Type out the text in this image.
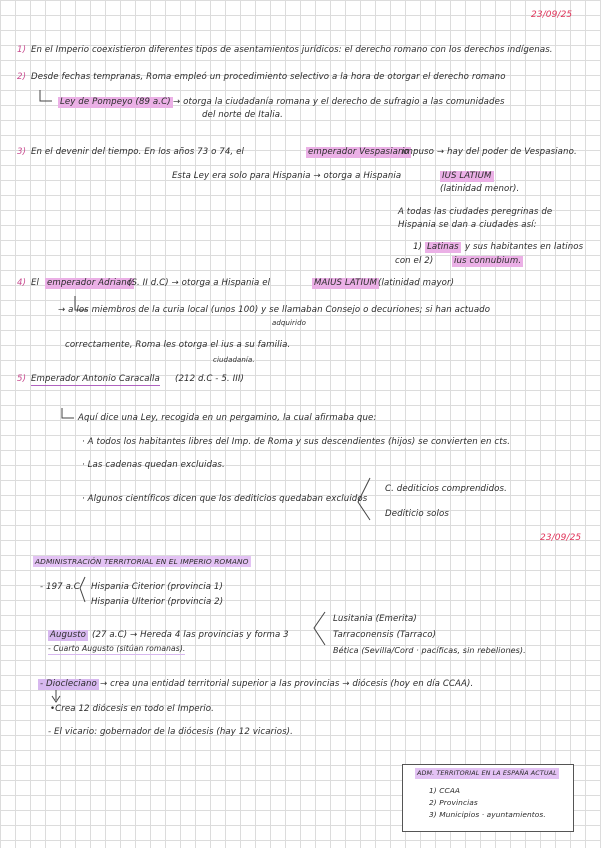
23/09/25
1) En el Imperio coexistieron diferentes tipos de asentamientos jurídicos: el derecho romano con los derechos indígenas.
2) Desde fechas tempranas, Roma empleó un procedimiento selectivo a la hora de otorgar el derecho romano
Ley de Pompeyo (89 a.C) → otorga la ciudadanía romana y el derecho de sufragio a las comunidades
del norte de Italia.
3) En el devenir del tiempo. En los años 73 o 74, el	emperador Vespasiano
impuso → hay del poder de Vespasiano.
Esta Ley era solo para Hispania → otorga a Hispania	IUS LATIUM
(latinidad menor).
A todas las ciudades peregrinas de
Hispania se dan a ciudades así:
1) Latinas y sus habitantes en latinos
con el 2) ius connubium.
4) El emperador Adriano
(S. II d.C) → otorga a Hispania el	MAIUS LATIUM (latinidad mayor)
→ a los miembros de la curia local (unos 100) y se llamaban Consejo o decuriones; si han actuado
adquirido
correctamente, Roma les otorga el ius a su familia.
ciudadanía.
5) Emperador Antonio Caracalla (212 d.C - 5. III)
Aquí dice una Ley, recogida en un pergamino, la cual afirmaba que:
· A todos los habitantes libres del Imp. de Roma y sus descendientes (hijos) se convierten en cts.
· Las cadenas quedan excluidas.
· Algunos científicos dicen que los dediticios quedaban excluidos
C. dediticios comprendidos.
Dediticio solos
23/09/25
ADMINISTRACIÓN TERRITORIAL EN EL IMPERIO ROMANO
- 197 a.C Hispania Citerior (provincia 1)
Hispania Ulterior (provincia 2)
Augusto (27 a.C) → Hereda 4 las provincias y forma 3
- Cuarto Augusto (sitúan romanas).
Lusitania (Emerita)
Tarraconensis (Tarraco)
Bética (Sevilla/Cord · pacíficas, sin rebeliones).
- Diocleciano → crea una entidad territorial superior a las provincias → diócesis (hoy en día CCAA).
•Crea 12 diócesis en todo el Imperio.
- El vicario: gobernador de la diócesis (hay 12 vicarios).
ADM. TERRITORIAL EN LA ESPAÑA ACTUAL
1) CCAA
2) Provincias
3) Municipios · ayuntamientos.
